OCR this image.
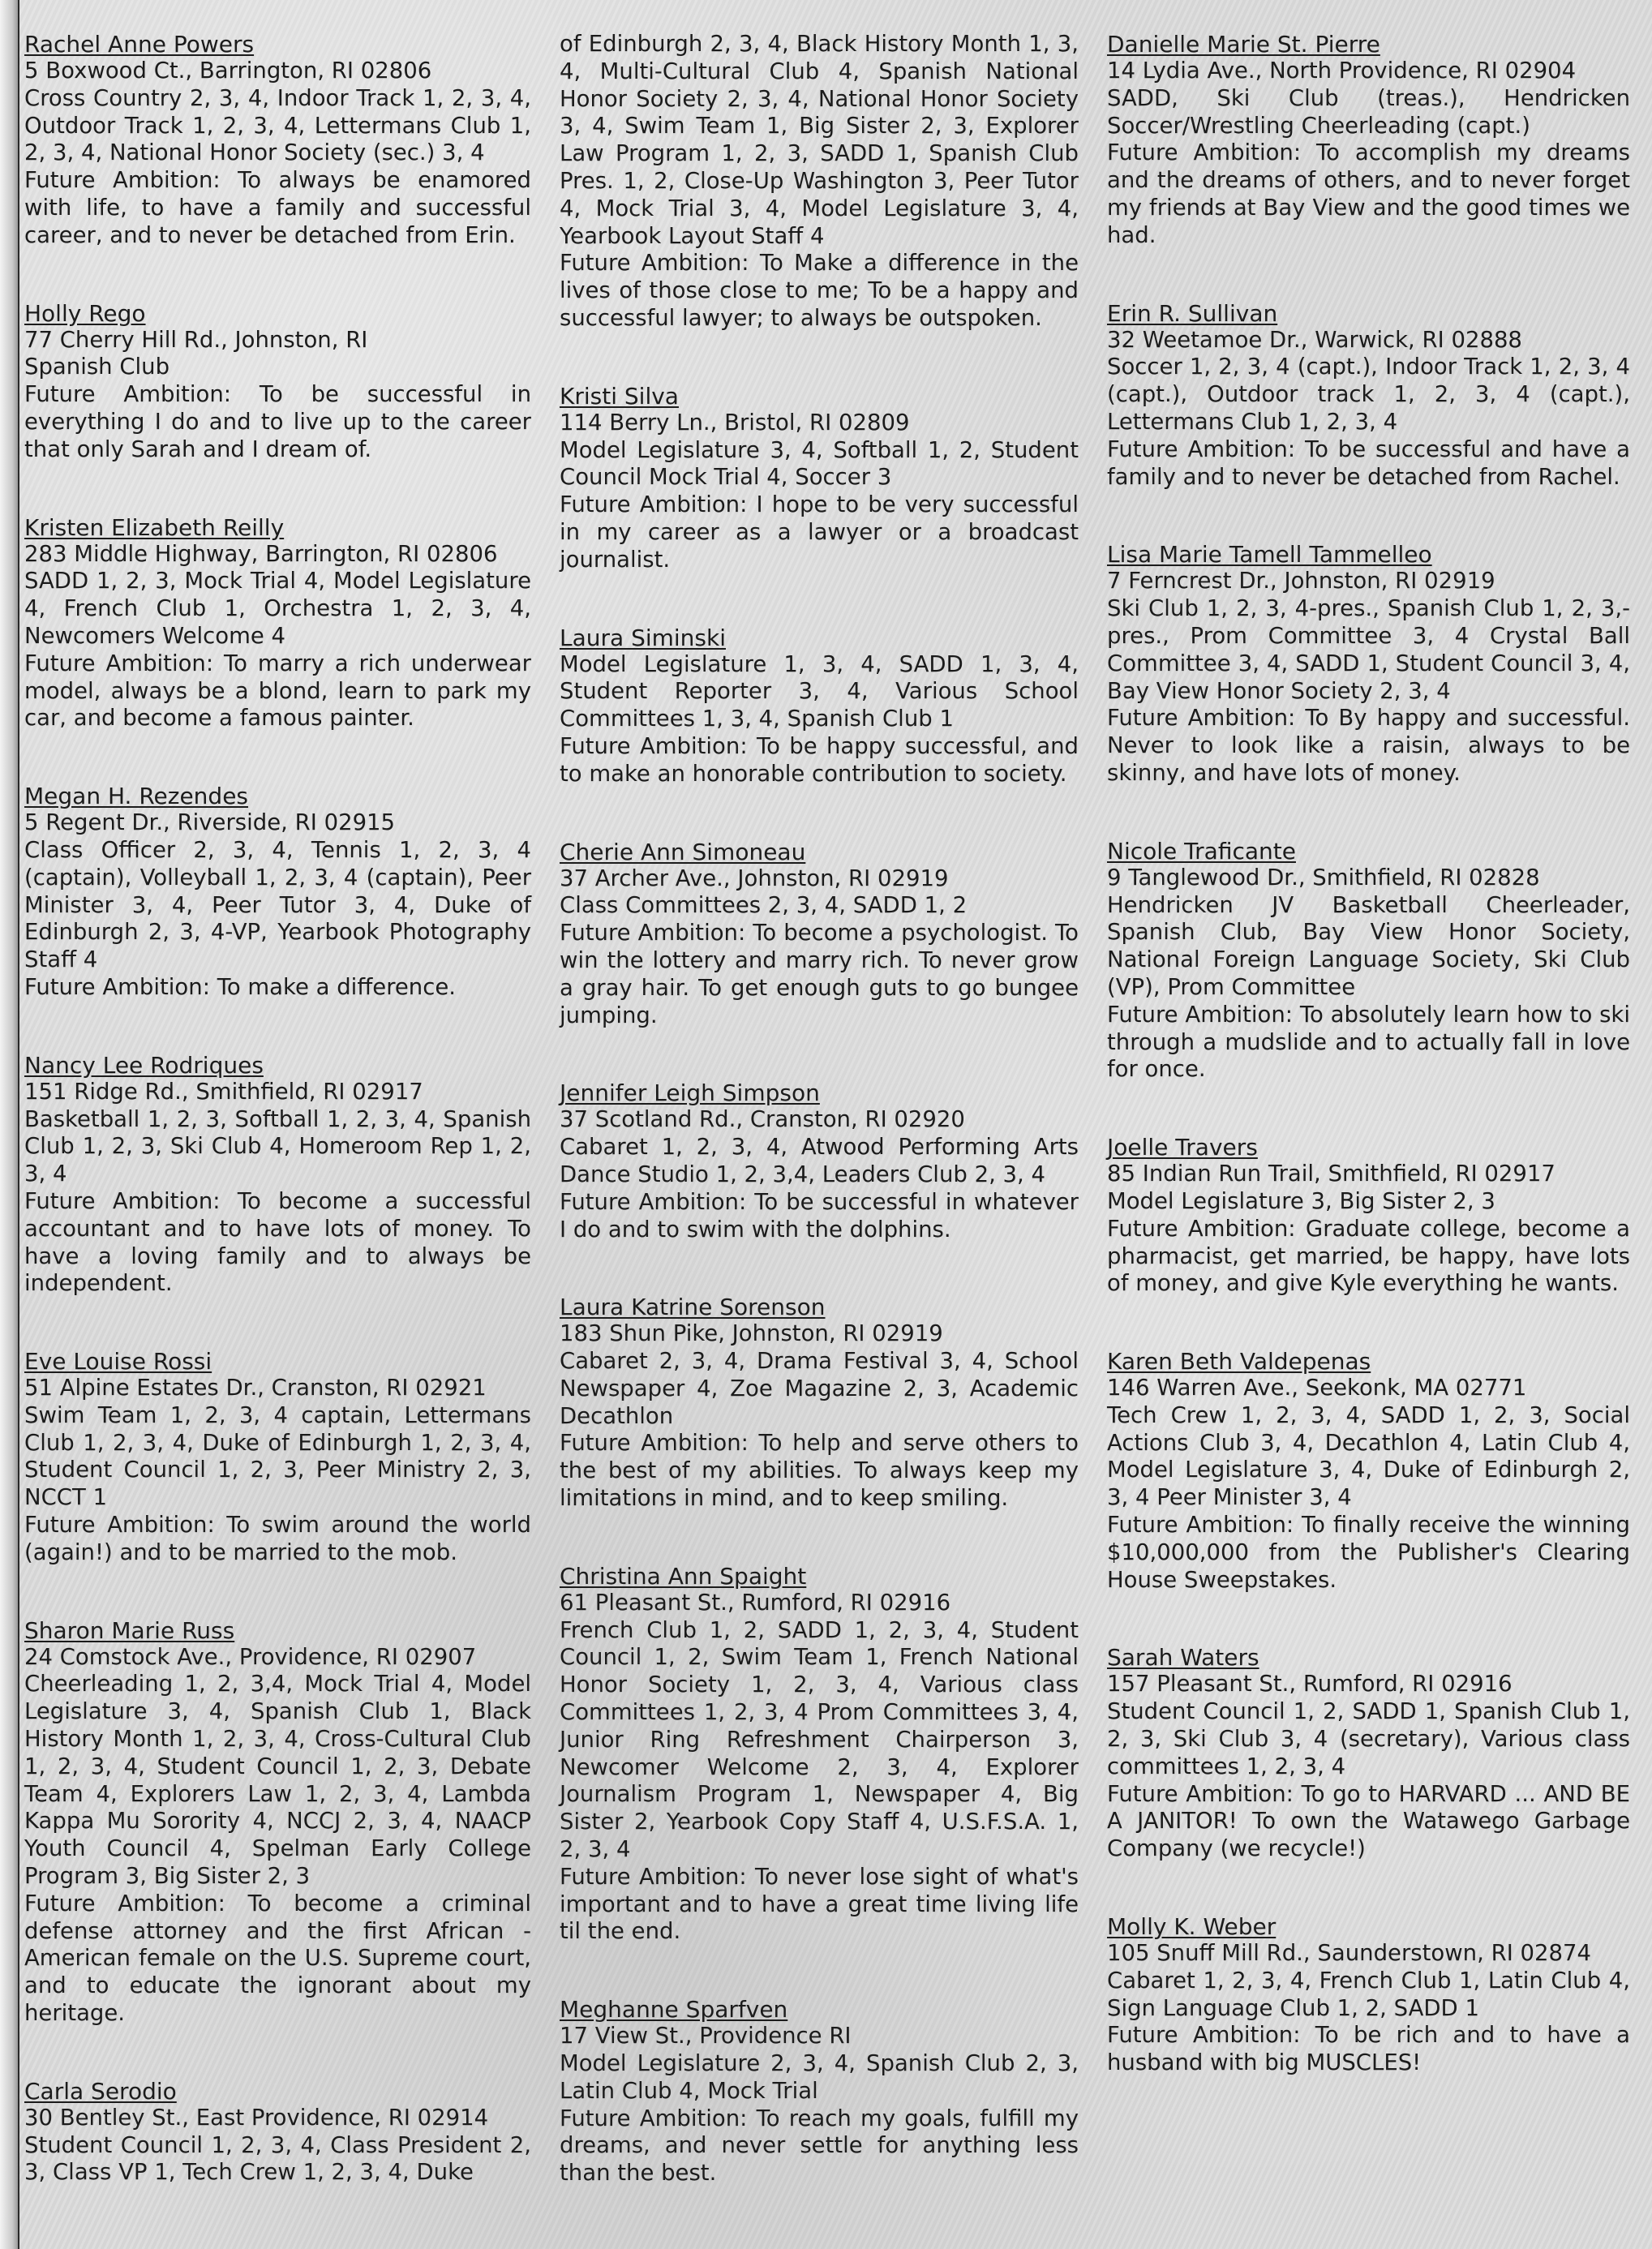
Rachel Anne Powers

5 Boxwood Ct., Barrington, RI 02806

Cross Country 2, 3, 4, Indoor Track 1, 2, 3, 4, Outdoor Track 1, 2, 3, 4, Lettermans Club 1, 2, 3, 4, National Honor Society (sec.) 3, 4

Future Ambition: To always be enamored with life, to have a family and successful career, and to never be detached from Erin.

Holly Rego

77 Cherry Hill Rd., Johnston, RI

Spanish Club

Future Ambition: To be successful in everything I do and to live up to the career that only Sarah and I dream of.

Kristen Elizabeth Reilly

283 Middle Highway, Barrington, RI 02806

SADD 1, 2, 3, Mock Trial 4, Model Legislature 4, French Club 1, Orchestra 1, 2, 3, 4, Newcomers Welcome 4

Future Ambition: To marry a rich underwear model, always be a blond, learn to park my car, and become a famous painter.

Megan H. Rezendes

5 Regent Dr., Riverside, RI 02915

Class Officer 2, 3, 4, Tennis 1, 2, 3, 4 (captain), Volleyball 1, 2, 3, 4 (captain), Peer Minister 3, 4, Peer Tutor 3, 4, Duke of Edinburgh 2, 3, 4-VP, Yearbook Photography Staff 4

Future Ambition: To make a difference.

Nancy Lee Rodriques

151 Ridge Rd., Smithfield, RI 02917

Basketball 1, 2, 3, Softball 1, 2, 3, 4, Spanish Club 1, 2, 3, Ski Club 4, Homeroom Rep 1, 2, 3, 4

Future Ambition: To become a successful accountant and to have lots of money. To have a loving family and to always be independent.

Eve Louise Rossi

51 Alpine Estates Dr., Cranston, RI 02921

Swim Team 1, 2, 3, 4 captain, Lettermans Club 1, 2, 3, 4, Duke of Edinburgh 1, 2, 3, 4, Student Council 1, 2, 3, Peer Ministry 2, 3, NCCT 1

Future Ambition: To swim around the world (again!) and to be married to the mob.

Sharon Marie Russ

24 Comstock Ave., Providence, RI 02907

Cheerleading 1, 2, 3,4, Mock Trial 4, Model Legislature 3, 4, Spanish Club 1, Black History Month 1, 2, 3, 4, Cross-Cultural Club 1, 2, 3, 4, Student Council 1, 2, 3, Debate Team 4, Explorers Law 1, 2, 3, 4, Lambda Kappa Mu Sorority 4, NCCJ 2, 3, 4, NAACP Youth Council 4, Spelman Early College Program 3, Big Sister 2, 3

Future Ambition: To become a criminal defense attorney and the first African - American female on the U.S. Supreme court, and to educate the ignorant about my heritage.

Carla Serodio

30 Bentley St., East Providence, RI 02914

Student Council 1, 2, 3, 4, Class President 2, 3, Class VP 1, Tech Crew 1, 2, 3, 4, Duke

of Edinburgh 2, 3, 4, Black History Month 1, 3, 4, Multi-Cultural Club 4, Spanish National Honor Society 2, 3, 4, National Honor Society 3, 4, Swim Team 1, Big Sister 2, 3, Explorer Law Program 1, 2, 3, SADD 1, Spanish Club Pres. 1, 2, Close-Up Washington 3, Peer Tutor 4, Mock Trial 3, 4, Model Legislature 3, 4, Yearbook Layout Staff 4

Future Ambition: To Make a difference in the lives of those close to me; To be a happy and successful lawyer; to always be outspoken.

Kristi Silva

114 Berry Ln., Bristol, RI 02809

Model Legislature 3, 4, Softball 1, 2, Student Council Mock Trial 4, Soccer 3

Future Ambition: I hope to be very successful in my career as a lawyer or a broadcast journalist.

Laura Siminski

Model Legislature 1, 3, 4, SADD 1, 3, 4, Student Reporter 3, 4, Various School Committees 1, 3, 4, Spanish Club 1

Future Ambition: To be happy successful, and to make an honorable contribution to society.

Cherie Ann Simoneau

37 Archer Ave., Johnston, RI 02919

Class Committees 2, 3, 4, SADD 1, 2

Future Ambition: To become a psychologist. To win the lottery and marry rich. To never grow a gray hair. To get enough guts to go bungee jumping.

Jennifer Leigh Simpson

37 Scotland Rd., Cranston, RI 02920

Cabaret 1, 2, 3, 4, Atwood Performing Arts Dance Studio 1, 2, 3,4, Leaders Club 2, 3, 4

Future Ambition: To be successful in whatever I do and to swim with the dolphins.

Laura Katrine Sorenson

183 Shun Pike, Johnston, RI 02919

Cabaret 2, 3, 4, Drama Festival 3, 4, School Newspaper 4, Zoe Magazine 2, 3, Academic Decathlon

Future Ambition: To help and serve others to the best of my abilities. To always keep my limitations in mind, and to keep smiling.

Christina Ann Spaight

61 Pleasant St., Rumford, RI 02916

French Club 1, 2, SADD 1, 2, 3, 4, Student Council 1, 2, Swim Team 1, French National Honor Society 1, 2, 3, 4, Various class Committees 1, 2, 3, 4 Prom Committees 3, 4, Junior Ring Refreshment Chairperson 3, Newcomer Welcome 2, 3, 4, Explorer Journalism Program 1, Newspaper 4, Big Sister 2, Yearbook Copy Staff 4, U.S.F.S.A. 1, 2, 3, 4

Future Ambition: To never lose sight of what's important and to have a great time living life til the end.

Meghanne Sparfven

17 View St., Providence RI

Model Legislature 2, 3, 4, Spanish Club 2, 3, Latin Club 4, Mock Trial

Future Ambition: To reach my goals, fulfill my dreams, and never settle for anything less than the best.

Danielle Marie St. Pierre

14 Lydia Ave., North Providence, RI 02904

SADD, Ski Club (treas.), Hendricken Soccer/Wrestling Cheerleading (capt.)

Future Ambition: To accomplish my dreams and the dreams of others, and to never forget my friends at Bay View and the good times we had.

Erin R. Sullivan

32 Weetamoe Dr., Warwick, RI 02888

Soccer 1, 2, 3, 4 (capt.), Indoor Track 1, 2, 3, 4 (capt.), Outdoor track 1, 2, 3, 4 (capt.), Lettermans Club 1, 2, 3, 4

Future Ambition: To be successful and have a family and to never be detached from Rachel.

Lisa Marie Tamell Tammelleo

7 Ferncrest Dr., Johnston, RI 02919

Ski Club 1, 2, 3, 4-pres., Spanish Club 1, 2, 3,-pres., Prom Committee 3, 4 Crystal Ball Committee 3, 4, SADD 1, Student Council 3, 4, Bay View Honor Society 2, 3, 4

Future Ambition: To By happy and successful. Never to look like a raisin, always to be skinny, and have lots of money.

Nicole Traficante

9 Tanglewood Dr., Smithfield, RI 02828

Hendricken JV Basketball Cheerleader, Spanish Club, Bay View Honor Society, National Foreign Language Society, Ski Club (VP), Prom Committee

Future Ambition: To absolutely learn how to ski through a mudslide and to actually fall in love for once.

Joelle Travers

85 Indian Run Trail, Smithfield, RI 02917

Model Legislature 3, Big Sister 2, 3

Future Ambition: Graduate college, become a pharmacist, get married, be happy, have lots of money, and give Kyle everything he wants.

Karen Beth Valdepenas

146 Warren Ave., Seekonk, MA 02771

Tech Crew 1, 2, 3, 4, SADD 1, 2, 3, Social Actions Club 3, 4, Decathlon 4, Latin Club 4, Model Legislature 3, 4, Duke of Edinburgh 2, 3, 4 Peer Minister 3, 4

Future Ambition: To finally receive the winning $10,000,000 from the Publisher's Clearing House Sweepstakes.

Sarah Waters

157 Pleasant St., Rumford, RI 02916

Student Council 1, 2, SADD 1, Spanish Club 1, 2, 3, Ski Club 3, 4 (secretary), Various class committees 1, 2, 3, 4

Future Ambition: To go to HARVARD ... AND BE A JANITOR! To own the Watawego Garbage Company (we recycle!)

Molly K. Weber

105 Snuff Mill Rd., Saunderstown, RI 02874

Cabaret 1, 2, 3, 4, French Club 1, Latin Club 4, Sign Language Club 1, 2, SADD 1

Future Ambition: To be rich and to have a husband with big MUSCLES!
